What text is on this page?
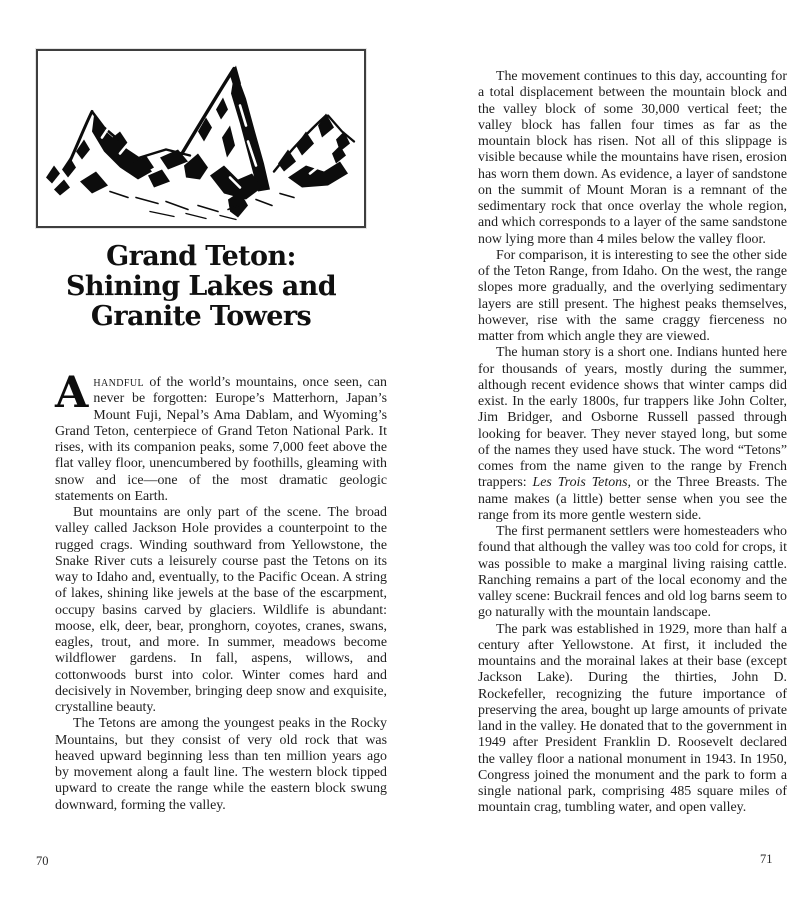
Grand Teton:
Shining Lakes and
Granite Towers

Ahandful of the world’s mountains, once seen, can never be forgotten: Europe’s Matterhorn, Japan’s Mount Fuji, Nepal’s Ama Dablam, and Wyoming’s Grand Teton, centerpiece of Grand Teton National Park. It rises, with its companion peaks, some 7,000 feet above the flat valley floor, unencumbered by foothills, gleaming with snow and ice—one of the most dramatic geologic statements on Earth.

But mountains are only part of the scene. The broad valley called Jackson Hole provides a counterpoint to the rugged crags. Winding southward from Yellowstone, the Snake River cuts a leisurely course past the Tetons on its way to Idaho and, eventually, to the Pacific Ocean. A string of lakes, shining like jewels at the base of the escarpment, occupy basins carved by glaciers. Wildlife is abundant: moose, elk, deer, bear, pronghorn, coyotes, cranes, swans, eagles, trout, and more. In summer, meadows become wildflower gardens. In fall, aspens, willows, and cottonwoods burst into color. Winter comes hard and decisively in November, bringing deep snow and exquisite, crystalline beauty.

The Tetons are among the youngest peaks in the Rocky Mountains, but they consist of very old rock that was heaved upward beginning less than ten million years ago by movement along a fault line. The western block tipped upward to create the range while the eastern block swung downward, forming the valley.

The movement continues to this day, accounting for a total displacement between the mountain block and the valley block of some 30,000 vertical feet; the valley block has fallen four times as far as the mountain block has risen. Not all of this slippage is visible because while the mountains have risen, erosion has worn them down. As evidence, a layer of sandstone on the summit of Mount Moran is a remnant of the sedimentary rock that once overlay the whole region, and which corresponds to a layer of the same sandstone now lying more than 4 miles below the valley floor.

For comparison, it is interesting to see the other side of the Teton Range, from Idaho. On the west, the range slopes more gradually, and the overlying sedimentary layers are still present. The highest peaks themselves, however, rise with the same craggy fierceness no matter from which angle they are viewed.

The human story is a short one. Indians hunted here for thousands of years, mostly during the summer, although recent evidence shows that winter camps did exist. In the early 1800s, fur trappers like John Colter, Jim Bridger, and Osborne Russell passed through looking for beaver. They never stayed long, but some of the names they used have stuck. The word “Tetons” comes from the name given to the range by French trappers: Les Trois Tetons, or the Three Breasts. The name makes (a little) better sense when you see the range from its more gentle western side.

The first permanent settlers were homesteaders who found that although the valley was too cold for crops, it was possible to make a marginal living raising cattle. Ranching remains a part of the local economy and the valley scene: Buckrail fences and old log barns seem to go naturally with the mountain landscape.

The park was established in 1929, more than half a century after Yellowstone. At first, it included the mountains and the morainal lakes at their base (except Jackson Lake). During the thirties, John D. Rockefeller, recognizing the future importance of preserving the area, bought up large amounts of private land in the valley. He donated that to the government in 1949 after President Franklin D. Roosevelt declared the valley floor a national monument in 1943. In 1950, Congress joined the monument and the park to form a single national park, comprising 485 square miles of mountain crag, tumbling water, and open valley.

70	71
